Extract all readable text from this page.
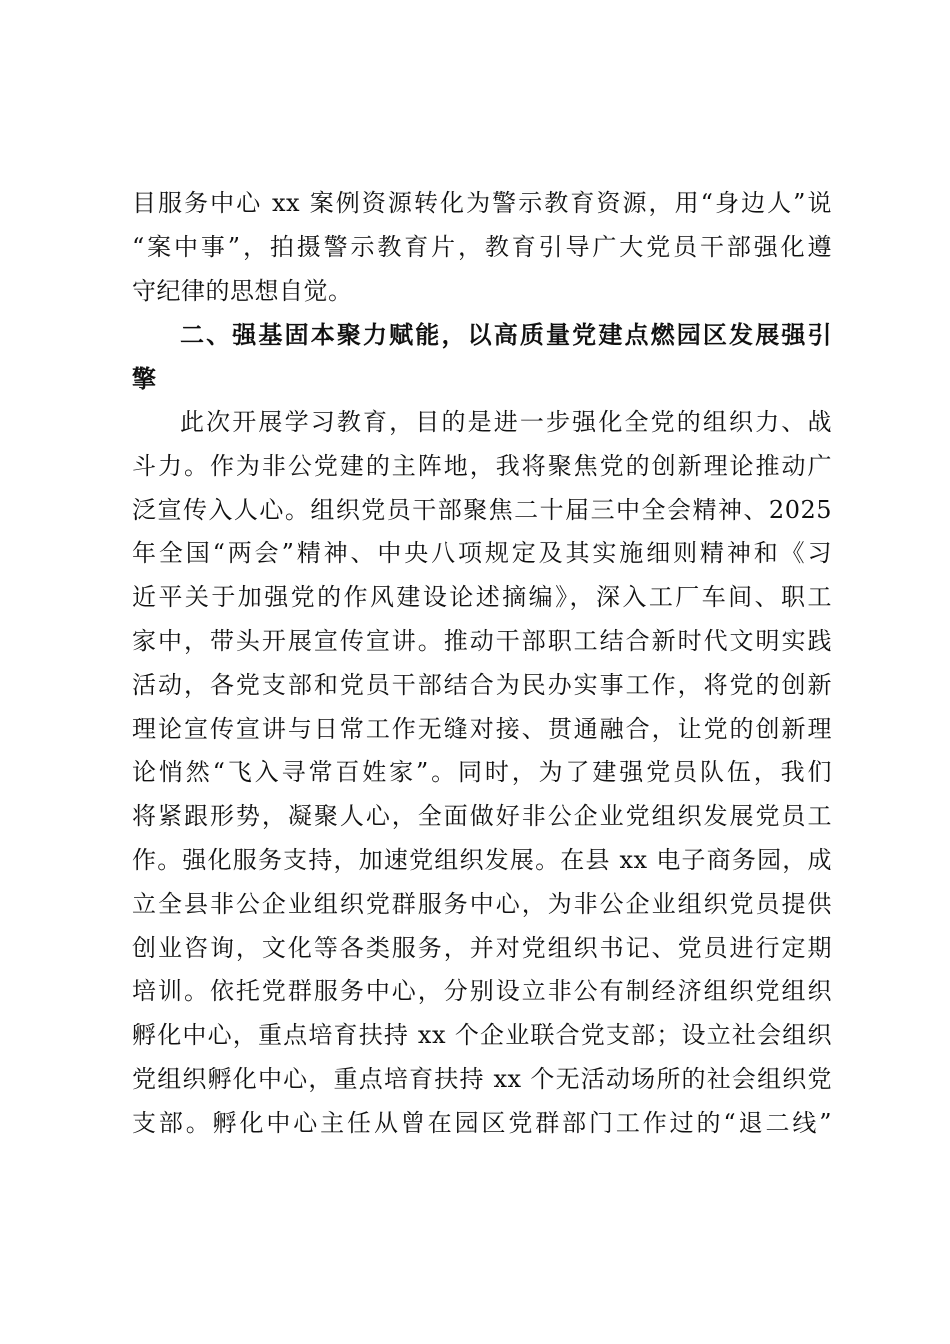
目服务中心 xx 案例资源转化为警示教育资源，用“身边人”说
“案中事”，拍摄警示教育片，教育引导广大党员干部强化遵
守纪律的思想自觉。
二、强基固本聚力赋能，以高质量党建点燃园区发展强引
擎
此次开展学习教育，目的是进一步强化全党的组织力、战
斗力。作为非公党建的主阵地，我将聚焦党的创新理论推动广
泛宣传入人心。组织党员干部聚焦二十届三中全会精神、2025
年全国“两会”精神、中央八项规定及其实施细则精神和《习
近平关于加强党的作风建设论述摘编》，深入工厂车间、职工
家中，带头开展宣传宣讲。推动干部职工结合新时代文明实践
活动，各党支部和党员干部结合为民办实事工作，将党的创新
理论宣传宣讲与日常工作无缝对接、贯通融合，让党的创新理
论悄然“飞入寻常百姓家”。同时，为了建强党员队伍，我们
将紧跟形势，凝聚人心，全面做好非公企业党组织发展党员工
作。强化服务支持，加速党组织发展。在县 xx 电子商务园，成
立全县非公企业组织党群服务中心，为非公企业组织党员提供
创业咨询，文化等各类服务，并对党组织书记、党员进行定期
培训。依托党群服务中心，分别设立非公有制经济组织党组织
孵化中心，重点培育扶持 xx 个企业联合党支部；设立社会组织
党组织孵化中心，重点培育扶持 xx 个无活动场所的社会组织党
支部。孵化中心主任从曾在园区党群部门工作过的“退二线”
